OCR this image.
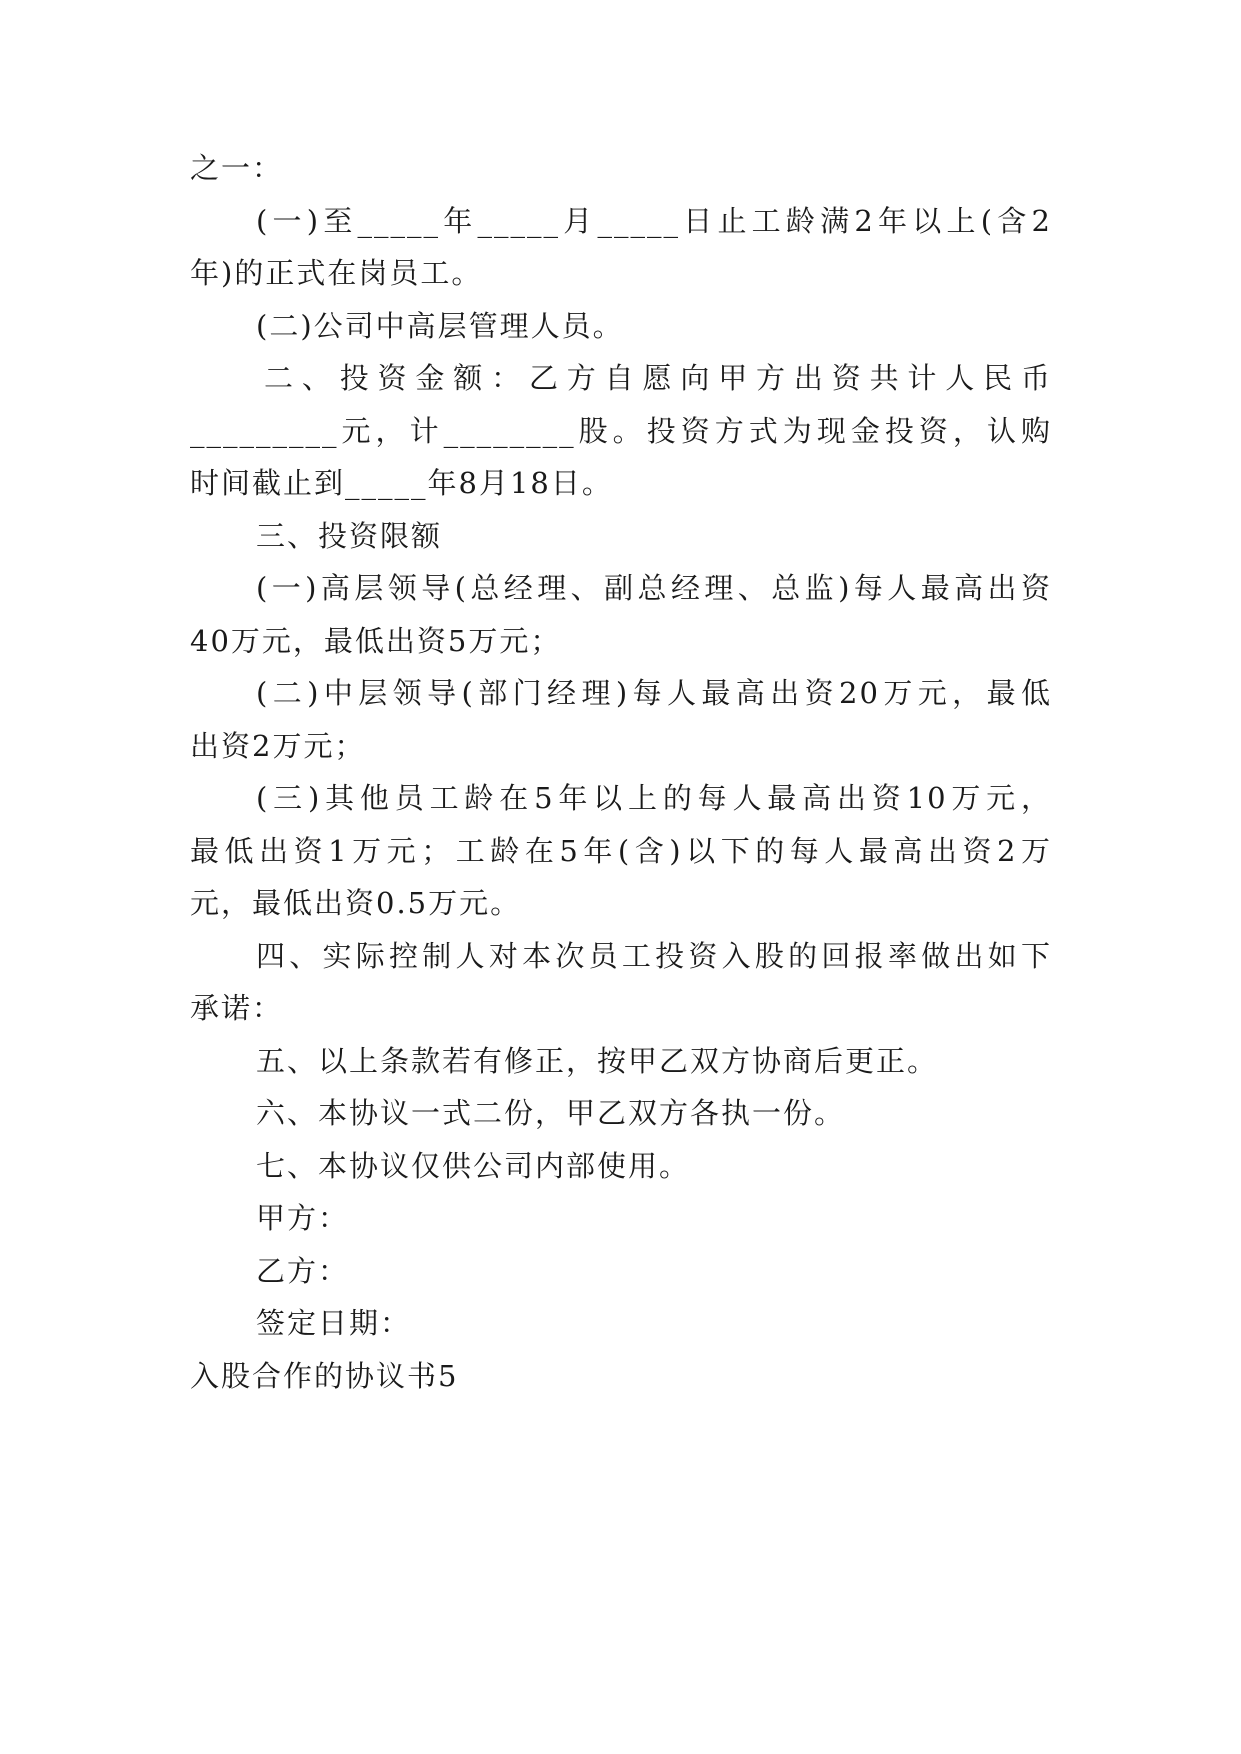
之一：
(一)至_____年_____月_____日止工龄满2年以上(含2
年)的正式在岗员工。
(二)公司中高层管理人员。
二、投资金额：乙方自愿向甲方出资共计人民币
_________元，计________股。投资方式为现金投资，认购
时间截止到_____年8月18日。
三、投资限额
(一)高层领导(总经理、副总经理、总监)每人最高出资
40万元，最低出资5万元；
(二)中层领导(部门经理)每人最高出资20万元，最低
出资2万元；
(三)其他员工龄在5年以上的每人最高出资10万元，
最低出资1万元；工龄在5年(含)以下的每人最高出资2万
元，最低出资0.5万元。
四、实际控制人对本次员工投资入股的回报率做出如下
承诺：
五、以上条款若有修正，按甲乙双方协商后更正。
六、本协议一式二份，甲乙双方各执一份。
七、本协议仅供公司内部使用。
甲方：
乙方：
签定日期：
入股合作的协议书5
